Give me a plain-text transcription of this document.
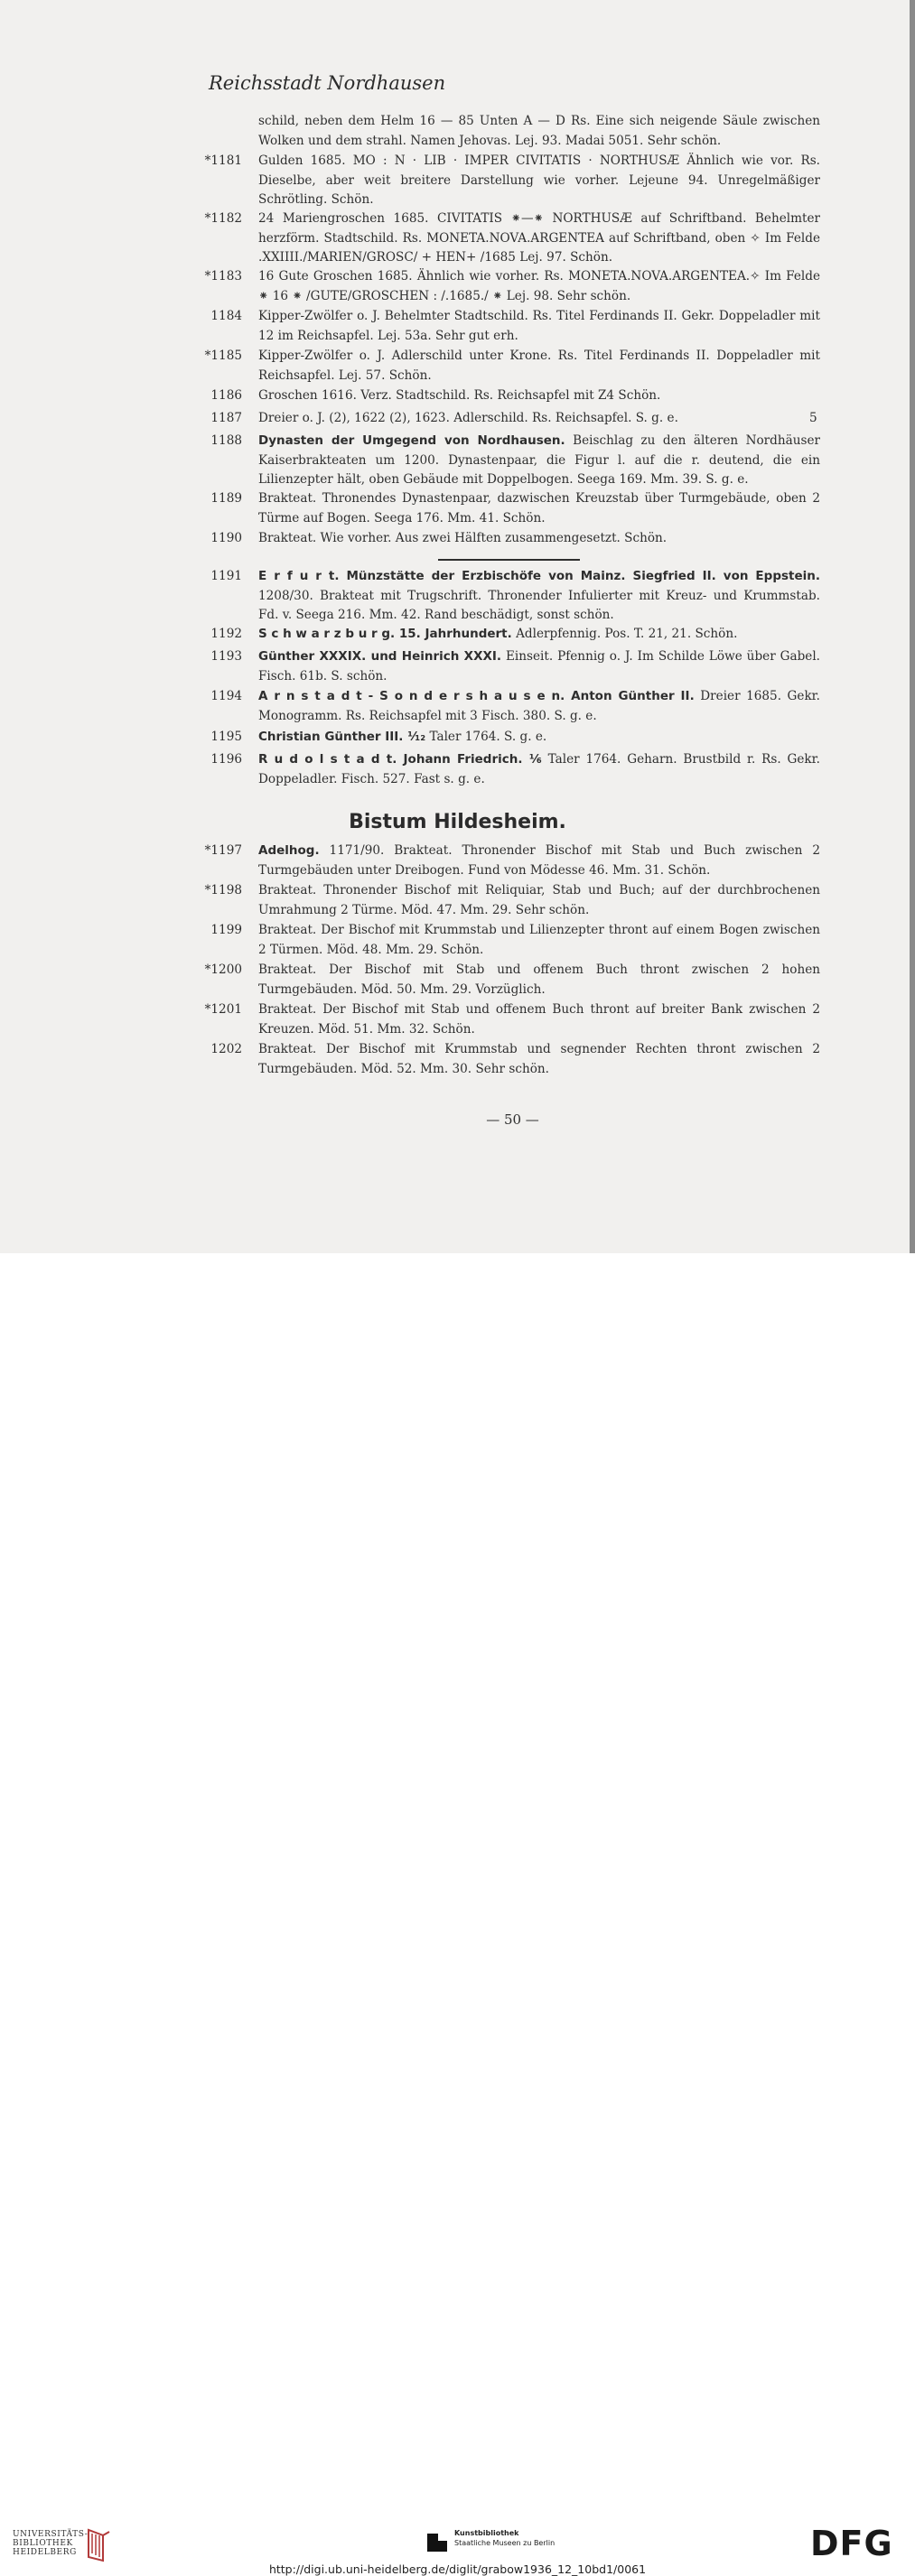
Reichsstadt Nordhausen
schild, neben dem Helm 16 — 85 Unten A — D Rs. Eine sich neigende Säule zwischen Wolken und dem strahl. Namen Jehovas. Lej. 93. Madai 5051. Sehr schön.
*1181 Gulden 1685. MO : N · LIB · IMPER CIVITATIS · NORTHUSÆ Ähnlich wie vor. Rs. Dieselbe, aber weit breitere Darstellung wie vorher. Lejeune 94. Unregelmäßiger Schrötling. Schön.
*1182 24 Mariengroschen 1685. CIVITATIS ⁕—⁕ NORTHUSÆ auf Schriftband. Behelmter herzförm. Stadtschild. Rs. MONETA.NOVA.ARGENTEA auf Schriftband, oben ✧ Im Felde .XXIIII./MARIEN/GROSC/ + HEN+ /1685 Lej. 97. Schön.
*1183 16 Gute Groschen 1685. Ähnlich wie vorher. Rs. MONETA.NOVA.ARGENTEA.✧ Im Felde ⁕ 16 ⁕ /GUTE/GROSCHEN : /.1685./ ⁕ Lej. 98. Sehr schön.
1184 Kipper-Zwölfer o. J. Behelmter Stadtschild. Rs. Titel Ferdinands II. Gekr. Doppeladler mit 12 im Reichsapfel. Lej. 53a. Sehr gut erh.
*1185 Kipper-Zwölfer o. J. Adlerschild unter Krone. Rs. Titel Ferdinands II. Doppeladler mit Reichsapfel. Lej. 57. Schön.
1186 Groschen 1616. Verz. Stadtschild. Rs. Reichsapfel mit Z4 Schön.
1187 Dreier o. J. (2), 1622 (2), 1623. Adlerschild. Rs. Reichsapfel. S. g. e.	5
1188 Dynasten der Umgegend von Nordhausen. Beischlag zu den älteren Nordhäuser Kaiserbrakteaten um 1200. Dynastenpaar, die Figur l. auf die r. deutend, die ein Lilienzepter hält, oben Gebäude mit Doppelbogen. Seega 169. Mm. 39. S. g. e.
1189 Brakteat. Thronendes Dynastenpaar, dazwischen Kreuzstab über Turmgebäude, oben 2 Türme auf Bogen. Seega 176. Mm. 41. Schön.
1190 Brakteat. Wie vorher. Aus zwei Hälften zusammengesetzt. Schön.
1191 E r f u r t. Münzstätte der Erzbischöfe von Mainz. Siegfried II. von Eppstein. 1208/30. Brakteat mit Trugschrift. Thronender Infulierter mit Kreuz- und Krummstab. Fd. v. Seega 216. Mm. 42. Rand beschädigt, sonst schön.
1192 S c h w a r z b u r g. 15. Jahrhundert. Adlerpfennig. Pos. T. 21, 21. Schön.
1193 Günther XXXIX. und Heinrich XXXI. Einseit. Pfennig o. J. Im Schilde Löwe über Gabel. Fisch. 61b. S. schön.
1194 A r n s t a d t - S o n d e r s h a u s e n. Anton Günther II. Dreier 1685. Gekr. Monogramm. Rs. Reichsapfel mit 3 Fisch. 380. S. g. e.
1195 Christian Günther III. ¹⁄₁₂ Taler 1764. S. g. e.
1196 R u d o l s t a d t. Johann Friedrich. ¹⁄₆ Taler 1764. Geharn. Brustbild r. Rs. Gekr. Doppeladler. Fisch. 527. Fast s. g. e.
*1197 Adelhog. 1171/90. Brakteat. Thronender Bischof mit Stab und Buch zwischen 2 Turmgebäuden unter Dreibogen. Fund von Mödesse 46. Mm. 31. Schön.
*1198 Brakteat. Thronender Bischof mit Reliquiar, Stab und Buch; auf der durchbrochenen Umrahmung 2 Türme. Möd. 47. Mm. 29. Sehr schön.
1199 Brakteat. Der Bischof mit Krummstab und Lilienzepter thront auf einem Bogen zwischen 2 Türmen. Möd. 48. Mm. 29. Schön.
*1200 Brakteat. Der Bischof mit Stab und offenem Buch thront zwischen 2 hohen Turmgebäuden. Möd. 50. Mm. 29. Vorzüglich.
*1201 Brakteat. Der Bischof mit Stab und offenem Buch thront auf breiter Bank zwischen 2 Kreuzen. Möd. 51. Mm. 32. Schön.
1202 Brakteat. Der Bischof mit Krummstab und segnender Rechten thront zwischen 2 Turmgebäuden. Möd. 52. Mm. 30. Sehr schön.
Bistum Hildesheim.
— 50 —
UNIVERSITÄTS-
BIBLIOTHEK
HEIDELBERG
Kunstbibliothek
Staatliche Museen zu Berlin	DFG
http://digi.ub.uni-heidelberg.de/diglit/grabow1936_12_10bd1/0061
